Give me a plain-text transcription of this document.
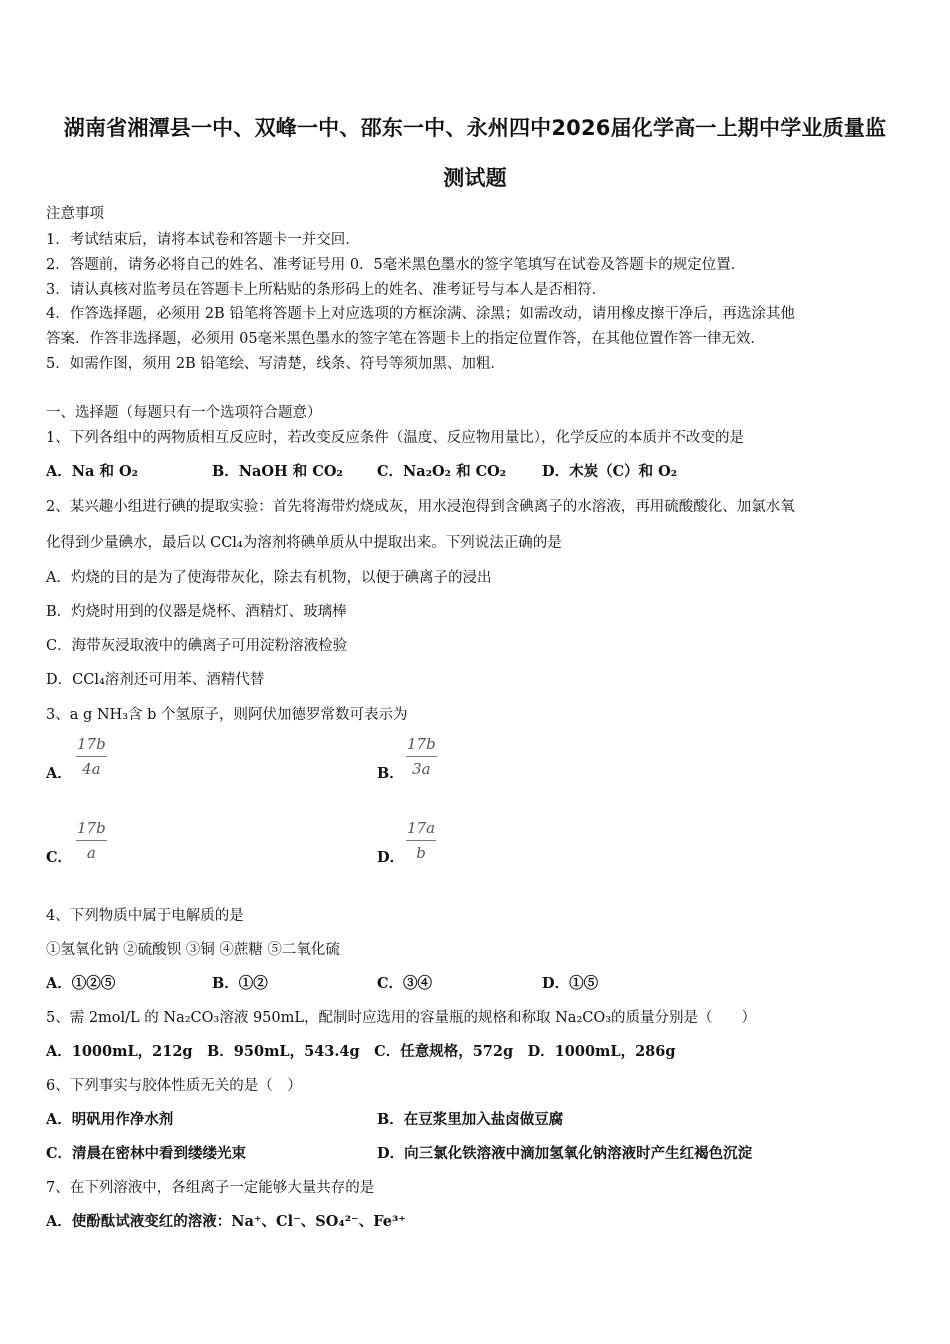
湖南省湘潭县一中、双峰一中、邵东一中、永州四中2026届化学高一上期中学业质量监
测试题
注意事项
1．考试结束后，请将本试卷和答题卡一并交回．
2．答题前，请务必将自己的姓名、准考证号用 0．5毫米黑色墨水的签字笔填写在试卷及答题卡的规定位置．
3．请认真核对监考员在答题卡上所粘贴的条形码上的姓名、准考证号与本人是否相符．
4．作答选择题，必须用 2B 铅笔将答题卡上对应选项的方框涂满、涂黑；如需改动，请用橡皮擦干净后，再选涂其他
答案．作答非选择题，必须用 05毫米黑色墨水的签字笔在答题卡上的指定位置作答，在其他位置作答一律无效．
5．如需作图，须用 2B 铅笔绘、写清楚，线条、符号等须加黑、加粗．
一、选择题（每题只有一个选项符合题意）
1、下列各组中的两物质相互反应时，若改变反应条件（温度、反应物用量比），化学反应的本质并不改变的是
A．Na 和 O₂	B．NaOH 和 CO₂ C．Na₂O₂ 和 CO₂ D．木炭（C）和 O₂
2、某兴趣小组进行碘的提取实验：首先将海带灼烧成灰，用水浸泡得到含碘离子的水溶液，再用硫酸酸化、加氯水氧
化得到少量碘水，最后以 CCl₄为溶剂将碘单质从中提取出来。下列说法正确的是
A．灼烧的目的是为了使海带灰化，除去有机物，以便于碘离子的浸出
B．灼烧时用到的仪器是烧杯、酒精灯、玻璃棒
C．海带灰浸取液中的碘离子可用淀粉溶液检验
D．CCl₄溶剂还可用苯、酒精代替
3、a g NH₃含 b 个氢原子，则阿伏加德罗常数可表示为
A． $\frac{17b}{4a}$	B． $\frac{17b}{3a}$
C． $\frac{17b}{a}$	D． $\frac{17a}{b}$
4、下列物质中属于电解质的是
①氢氧化钠 ②硫酸钡 ③铜 ④蔗糖 ⑤二氧化硫
A．①②⑤	B．①②	C．③④	D．①⑤
5、需 2mol/L 的 Na₂CO₃溶液 950mL，配制时应选用的容量瓶的规格和称取 Na₂CO₃的质量分别是（　　）
A．1000mL，212g　B．950mL，543.4g　C．任意规格，572g　D．1000mL，286g
6、下列事实与胶体性质无关的是（　）
A．明矾用作净水剂	B．在豆浆里加入盐卤做豆腐
C．清晨在密林中看到缕缕光束	D．向三氯化铁溶液中滴加氢氧化钠溶液时产生红褐色沉淀
7、在下列溶液中，各组离子一定能够大量共存的是
A．使酚酞试液变红的溶液：Na⁺、Cl⁻、SO₄²⁻、Fe³⁺
